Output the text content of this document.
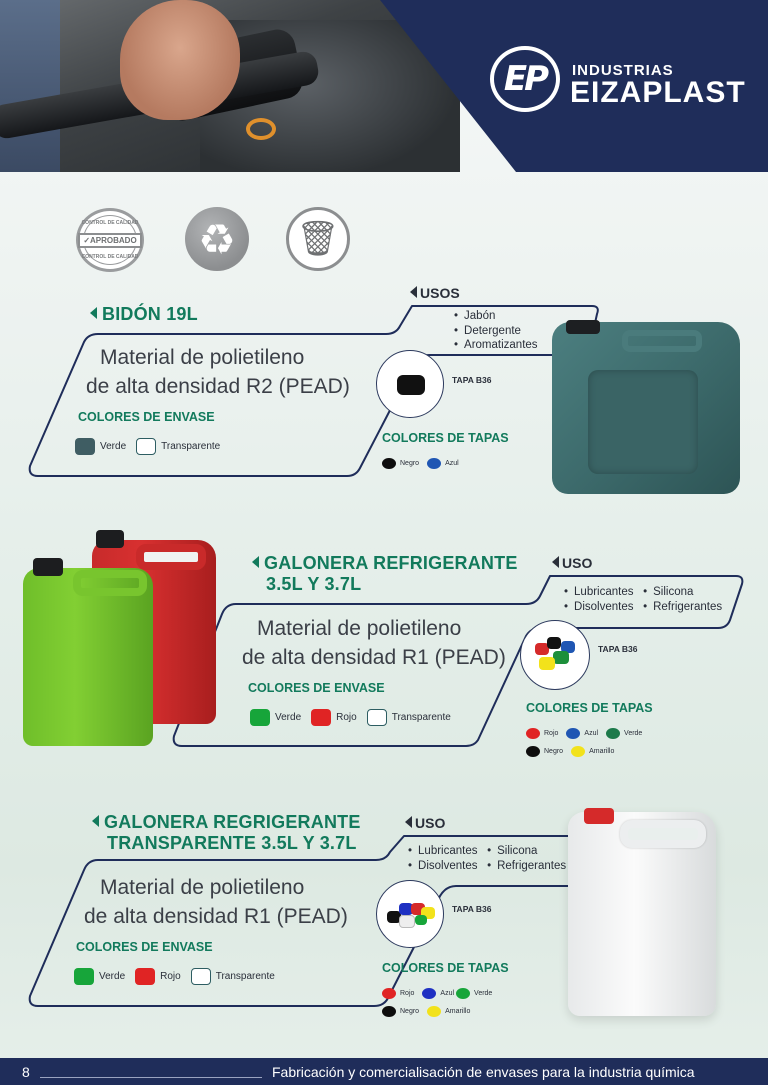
EP INDUSTRIAS
EIZAPLAST
CONTROL DE CALIDAD
✓APROBADO
CONTROL DE CALIDAD	♻	🗑
BIDÓN 19L
USOS
• Jabón
• Detergente
• Aromatizantes
Material de polietileno
de alta densidad R2 (PEAD)
COLORES DE ENVASE
Verde	Transparente
TAPA B36
COLORES DE TAPAS
Negro	Azul
GALONERA REFRIGERANTE
3.5L Y 3.7L
USO
• Lubricantes • Silicona
• Disolventes • Refrigerantes
Material de polietileno
de alta densidad R1 (PEAD)
COLORES DE ENVASE
Verde	Rojo	Transparente
TAPA B36
COLORES DE TAPAS
Rojo	Azul	Verde
Negro	Amarillo
GALONERA REGRIGERANTE
TRANSPARENTE 3.5L Y 3.7L
USO
• Lubricantes • Silicona
• Disolventes • Refrigerantes
Material de polietileno
de alta densidad R1 (PEAD)
COLORES DE ENVASE
Verde	Rojo	Transparente
TAPA B36
COLORES DE TAPAS
Rojo	Azul	Verde
Negro	Amarillo
8	Fabricación y comercialisación de envases para la industria química
